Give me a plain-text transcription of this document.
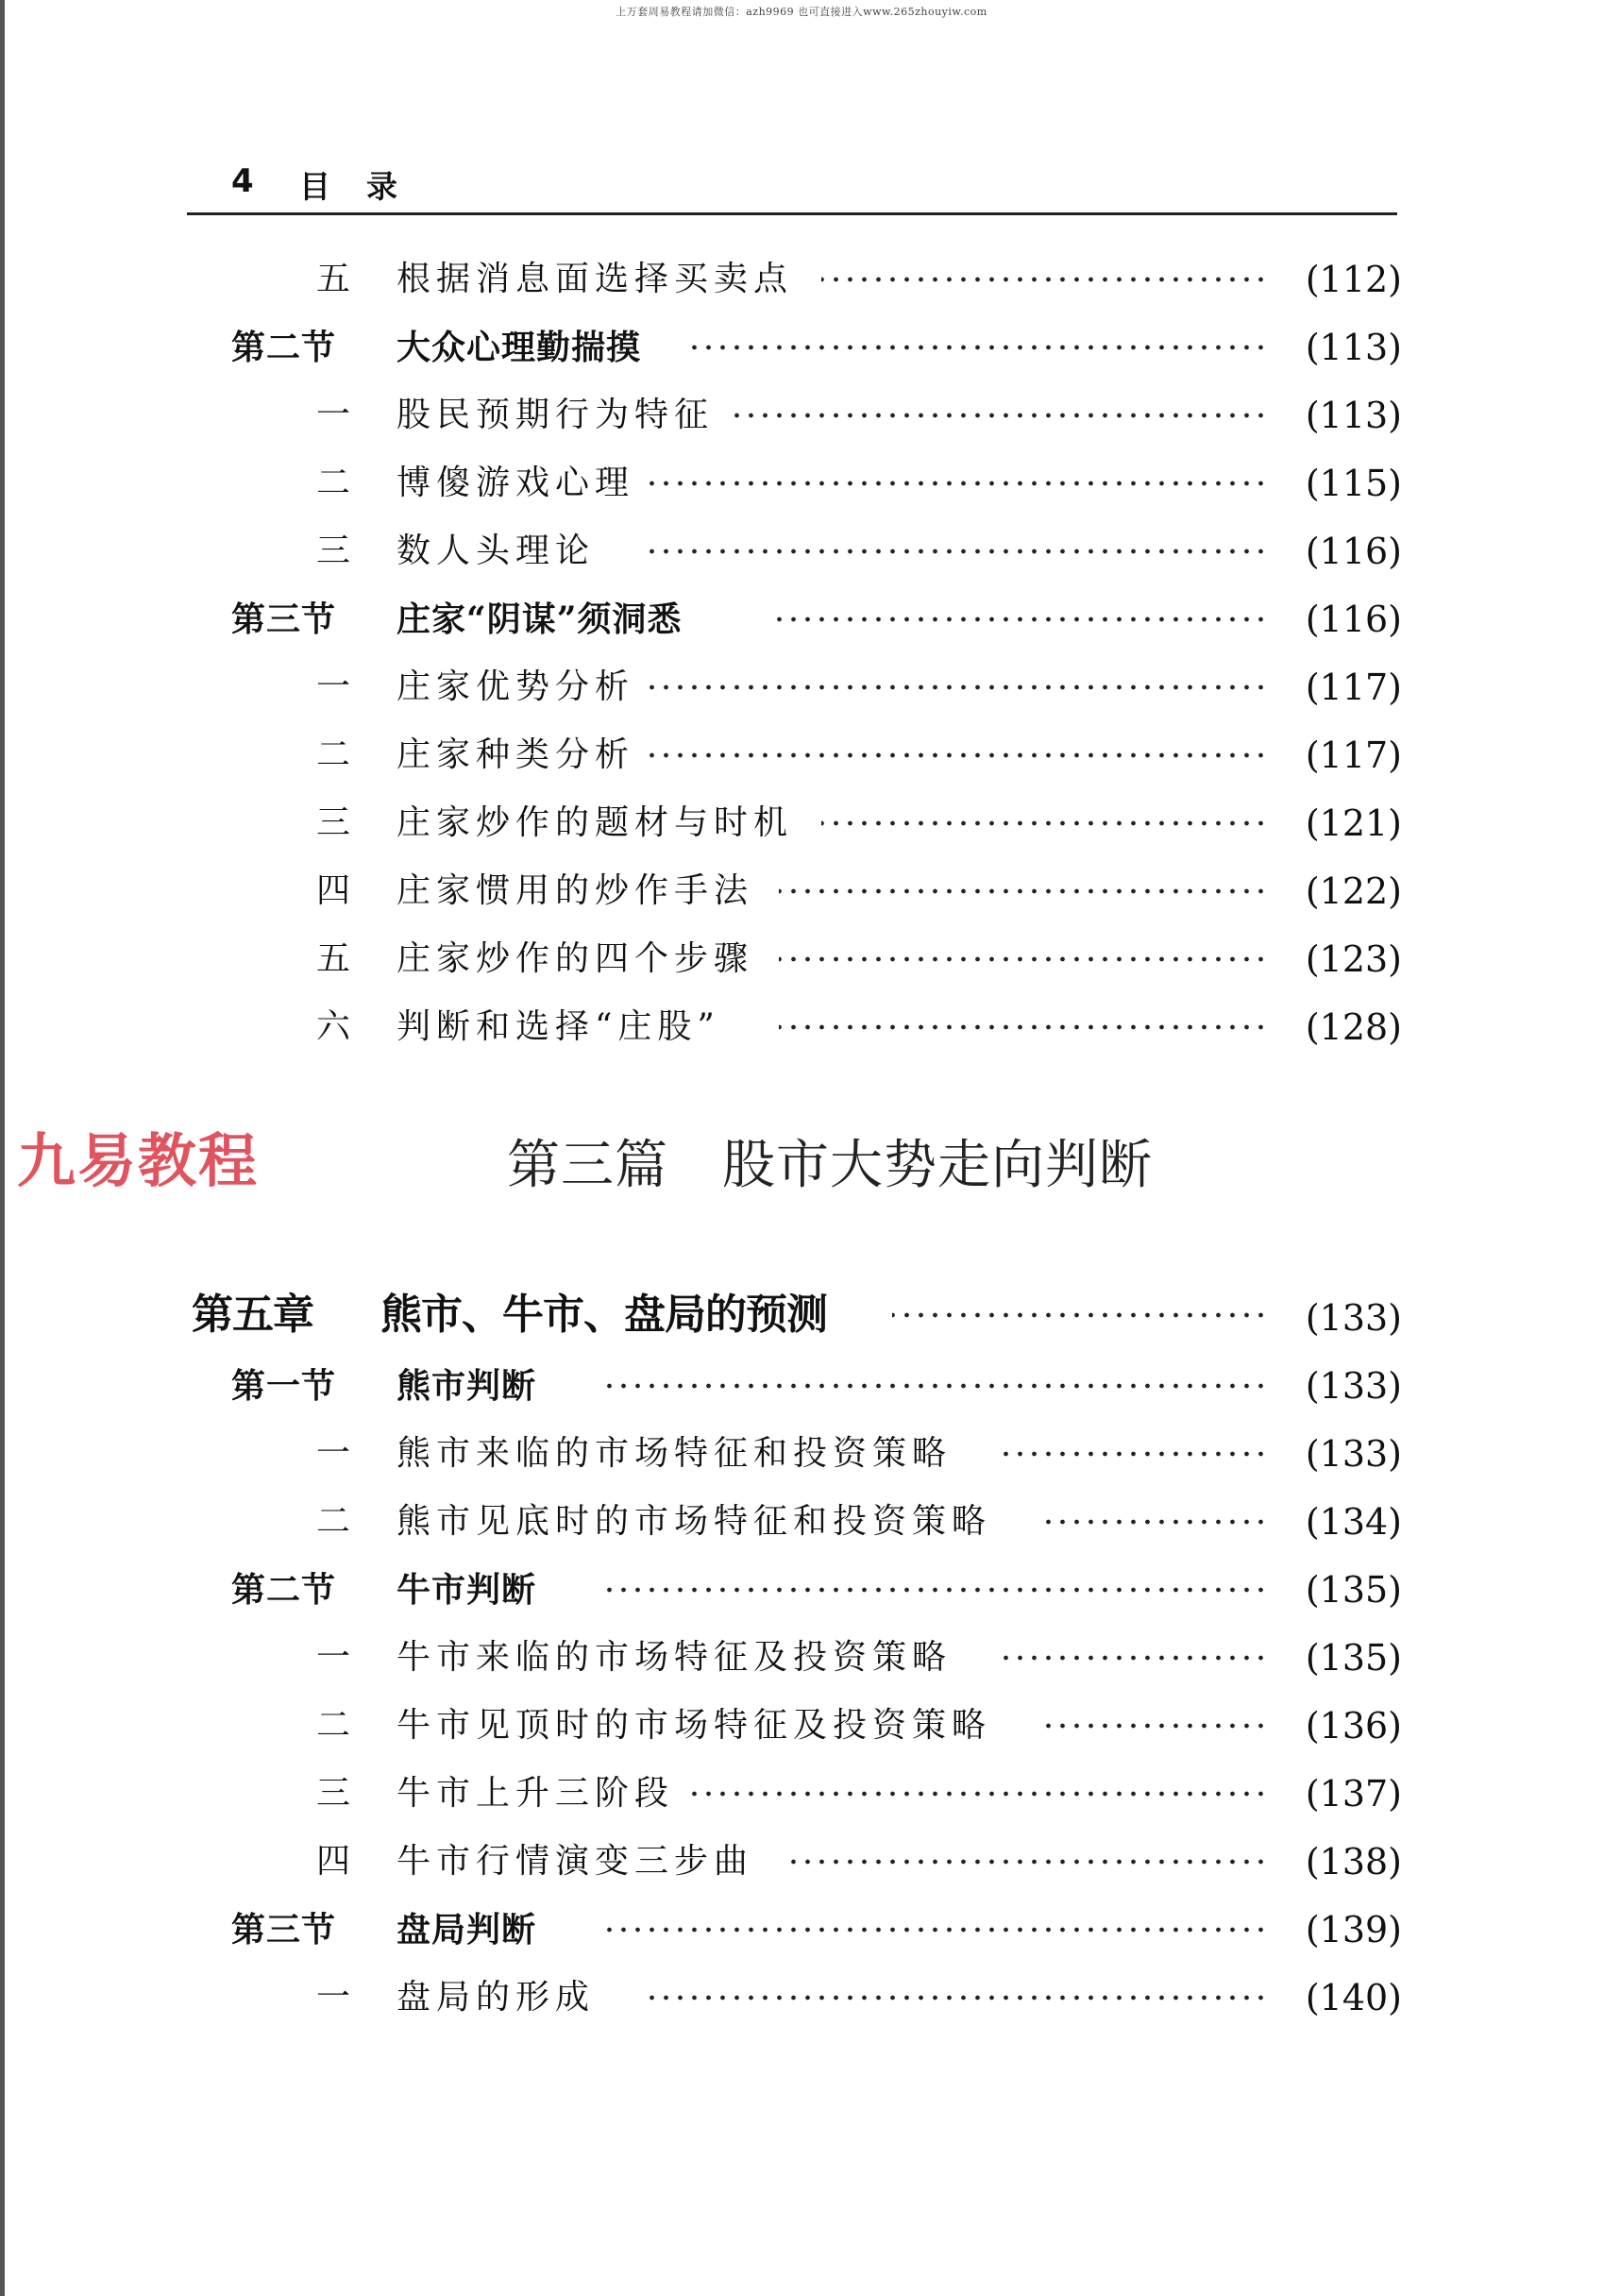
上万套周易教程请加微信：azh9969 也可直接进入www.265zhouyiw.com
4 目录
九易教程	第三篇　股市大势走向判断
五 根据消息面选择买卖点	(112)
第二节 大众心理勤揣摸	(113)
一 股民预期行为特征	(113)
二 博傻游戏心理	(115)
三 数人头理论	(116)
第三节 庄家“阴谋”须洞悉	(116)
一 庄家优势分析	(117)
二 庄家种类分析	(117)
三 庄家炒作的题材与时机	(121)
四 庄家惯用的炒作手法	(122)
五 庄家炒作的四个步骤	(123)
六 判断和选择“庄股”	(128)
第五章 熊市、牛市、盘局的预测	(133)
第一节 熊市判断	(133)
一 熊市来临的市场特征和投资策略	(133)
二 熊市见底时的市场特征和投资策略	(134)
第二节 牛市判断	(135)
一 牛市来临的市场特征及投资策略	(135)
二 牛市见顶时的市场特征及投资策略	(136)
三 牛市上升三阶段	(137)
四 牛市行情演变三步曲	(138)
第三节 盘局判断	(139)
一 盘局的形成	(140)
